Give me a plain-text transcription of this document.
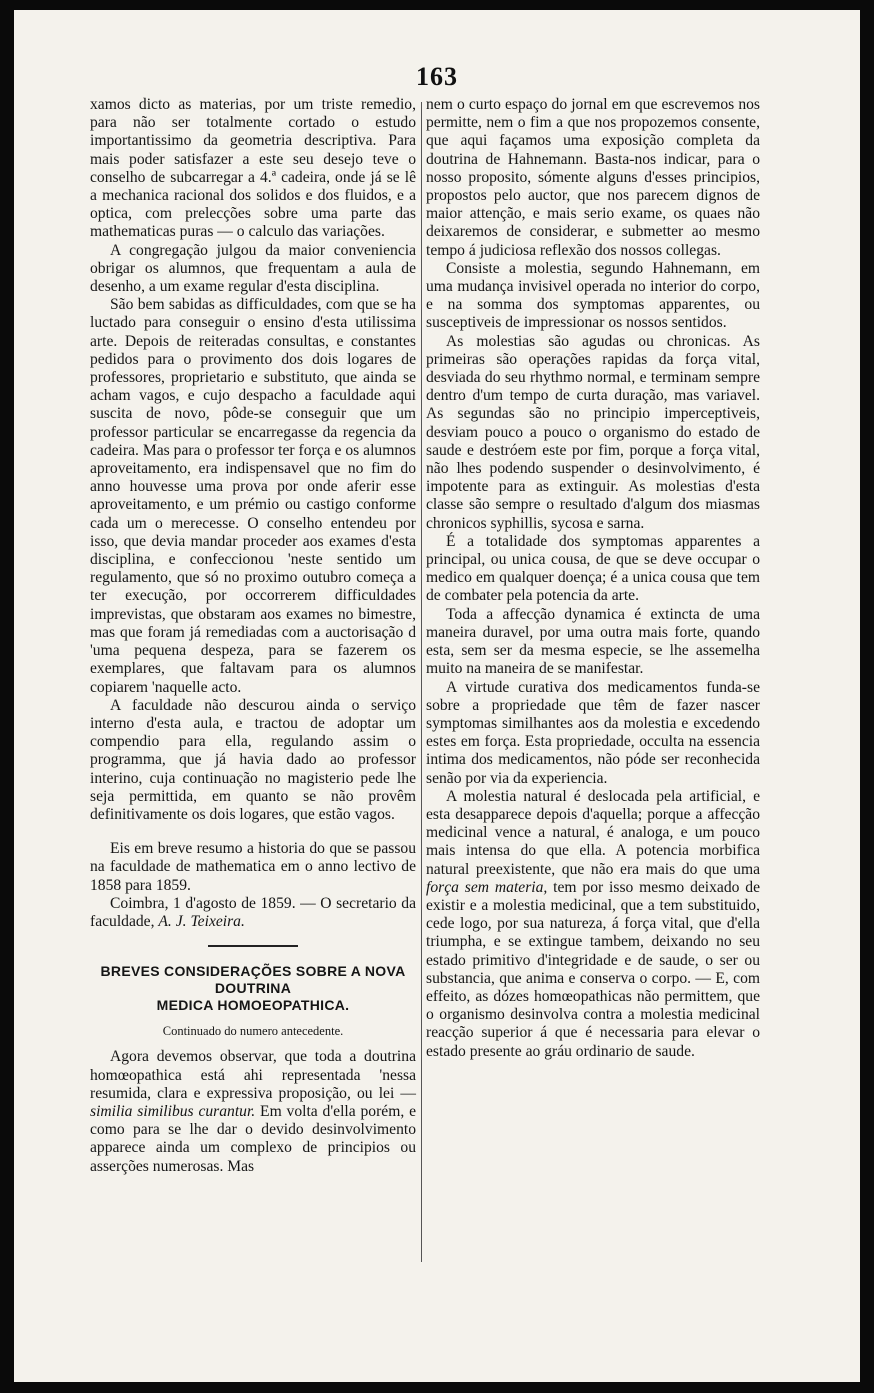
163

xamos dicto as materias, por um triste remedio, para não ser totalmente cortado o estudo importantissimo da geometria descriptiva. Para mais poder satisfazer a este seu desejo teve o conselho de subcarregar a 4.ª cadeira, onde já se lê a mechanica racional dos solidos e dos fluidos, e a optica, com prelecções sobre uma parte das mathematicas puras — o calculo das variações.

A congregação julgou da maior conveniencia obrigar os alumnos, que frequentam a aula de desenho, a um exame regular d'esta disciplina.

São bem sabidas as difficuldades, com que se ha luctado para conseguir o ensino d'esta utilissima arte. Depois de reiteradas consultas, e constantes pedidos para o provimento dos dois logares de professores, proprietario e substituto, que ainda se acham vagos, e cujo despacho a faculdade aqui suscita de novo, pôde-se conseguir que um professor particular se encarregasse da regencia da cadeira. Mas para o professor ter força e os alumnos aproveitamento, era indispensavel que no fim do anno houvesse uma prova por onde aferir esse aproveitamento, e um prémio ou castigo conforme cada um o merecesse. O conselho entendeu por isso, que devia mandar proceder aos exames d'esta disciplina, e confeccionou 'neste sentido um regulamento, que só no proximo outubro começa a ter execução, por occorrerem difficuldades imprevistas, que obstaram aos exames no bimestre, mas que foram já remediadas com a auctorisação d 'uma pequena despeza, para se fazerem os exemplares, que faltavam para os alumnos copiarem 'naquelle acto.

A faculdade não descurou ainda o serviço interno d'esta aula, e tractou de adoptar um compendio para ella, regulando assim o programma, que já havia dado ao professor interino, cuja continuação no magisterio pede lhe seja permittida, em quanto se não provêm definitivamente os dois logares, que estão vagos.

Eis em breve resumo a historia do que se passou na faculdade de mathematica em o anno lectivo de 1858 para 1859.

Coimbra, 1 d'agosto de 1859. — O secretario da faculdade, A. J. Teixeira.

BREVES CONSIDERAÇÕES SOBRE A NOVA DOUTRINA
MEDICA HOMOEOPATHICA.
Continuado do numero antecedente.

Agora devemos observar, que toda a doutrina homœopathica está ahi representada 'nessa resumida, clara e expressiva proposição, ou lei —similia similibus curantur. Em volta d'ella porém, e como para se lhe dar o devido desinvolvimento apparece ainda um complexo de principios ou asserções numerosas. Mas

nem o curto espaço do jornal em que escrevemos nos permitte, nem o fim a que nos propozemos consente, que aqui façamos uma exposição completa da doutrina de Hahnemann. Basta-nos indicar, para o nosso proposito, sómente alguns d'esses principios, propostos pelo auctor, que nos parecem dignos de maior attenção, e mais serio exame, os quaes não deixaremos de considerar, e submetter ao mesmo tempo á judiciosa reflexão dos nossos collegas.

Consiste a molestia, segundo Hahnemann, em uma mudança invisivel operada no interior do corpo, e na somma dos symptomas apparentes, ou susceptiveis de impressionar os nossos sentidos.

As molestias são agudas ou chronicas. As primeiras são operações rapidas da força vital, desviada do seu rhythmo normal, e terminam sempre dentro d'um tempo de curta duração, mas variavel. As segundas são no principio imperceptiveis, desviam pouco a pouco o organismo do estado de saude e destróem este por fim, porque a força vital, não lhes podendo suspender o desinvolvimento, é impotente para as extinguir. As molestias d'esta classe são sempre o resultado d'algum dos miasmas chronicos syphillis, sycosa e sarna.

É a totalidade dos symptomas apparentes a principal, ou unica cousa, de que se deve occupar o medico em qualquer doença; é a unica cousa que tem de combater pela potencia da arte.

Toda a affecção dynamica é extincta de uma maneira duravel, por uma outra mais forte, quando esta, sem ser da mesma especie, se lhe assemelha muito na maneira de se manifestar.

A virtude curativa dos medicamentos funda-se sobre a propriedade que têm de fazer nascer symptomas similhantes aos da molestia e excedendo estes em força. Esta propriedade, occulta na essencia intima dos medicamentos, não póde ser reconhecida senão por via da experiencia.

A molestia natural é deslocada pela artificial, e esta desapparece depois d'aquella; porque a affecção medicinal vence a natural, é analoga, e um pouco mais intensa do que ella. A potencia morbifica natural preexistente, que não era mais do que uma força sem materia, tem por isso mesmo deixado de existir e a molestia medicinal, que a tem substituido, cede logo, por sua natureza, á força vital, que d'ella triumpha, e se extingue tambem, deixando no seu estado primitivo d'integridade e de saude, o ser ou substancia, que anima e conserva o corpo. — E, com effeito, as dózes homœopathicas não permittem, que o organismo desinvolva contra a molestia medicinal reacção superior á que é necessaria para elevar o estado presente ao gráu ordinario de saude.
